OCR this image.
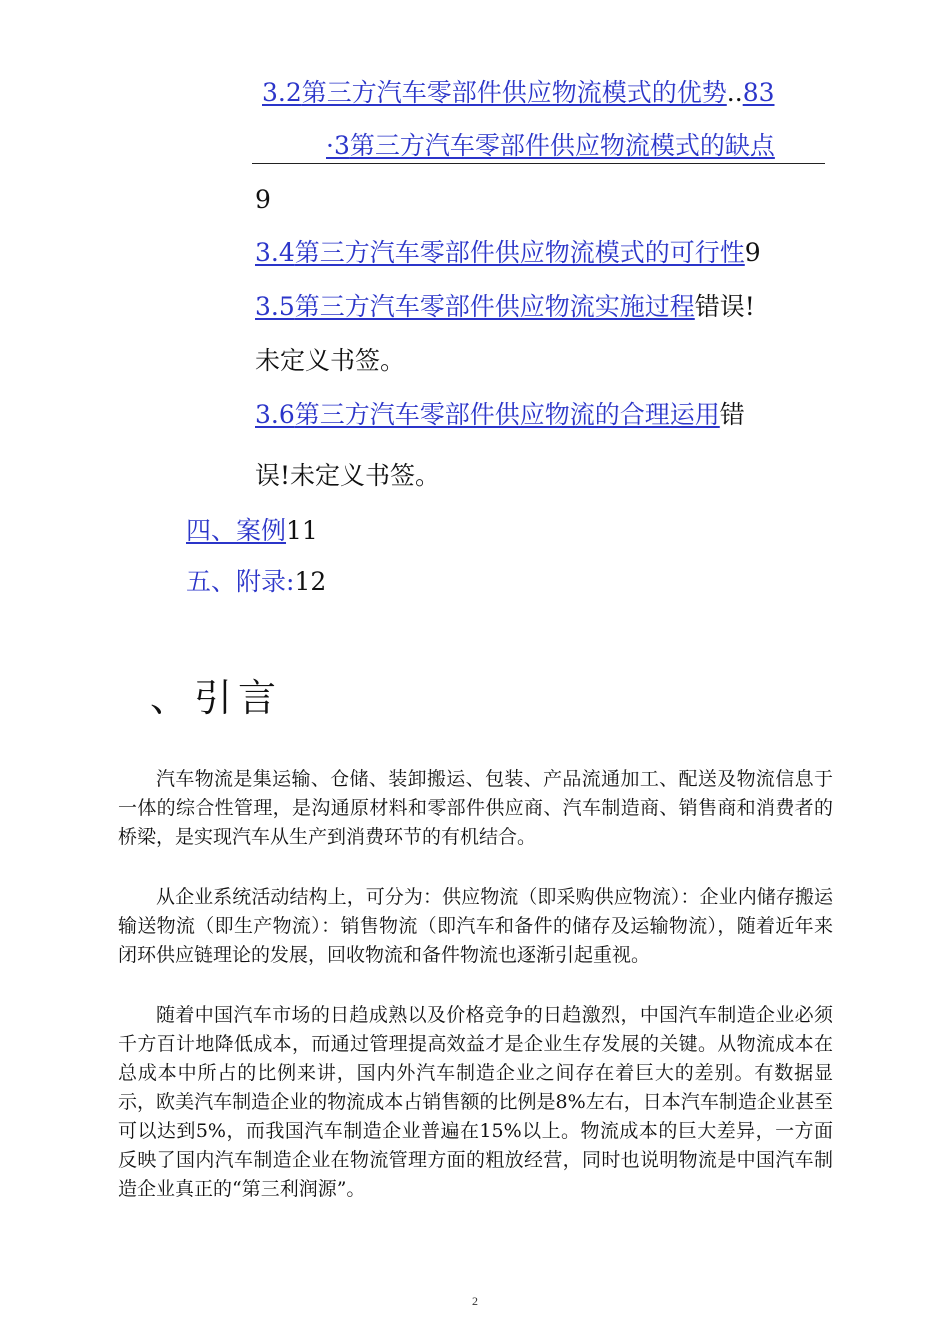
3.2第三方汽车零部件供应物流模式的优势..83
·3第三方汽车零部件供应物流模式的缺点
9
3.4第三方汽车零部件供应物流模式的可行性9
3.5第三方汽车零部件供应物流实施过程错误!
未定义书签。
3.6第三方汽车零部件供应物流的合理运用错
误!未定义书签。
四、案例11
五、附录:12
、引言

汽车物流是集运输、仓储、装卸搬运、包装、产品流通加工、配送及物流信息于一体的综合性管理，是沟通原材料和零部件供应商、汽车制造商、销售商和消费者的桥梁，是实现汽车从生产到消费环节的有机结合。

从企业系统活动结构上，可分为：供应物流（即采购供应物流）：企业内储存搬运输送物流（即生产物流）：销售物流（即汽车和备件的储存及运输物流），随着近年来闭环供应链理论的发展，回收物流和备件物流也逐渐引起重视。

随着中国汽车市场的日趋成熟以及价格竞争的日趋激烈，中国汽车制造企业必须千方百计地降低成本，而通过管理提高效益才是企业生存发展的关键。从物流成本在总成本中所占的比例来讲，国内外汽车制造企业之间存在着巨大的差别。有数据显示，欧美汽车制造企业的物流成本占销售额的比例是8%左右，日本汽车制造企业甚至可以达到5%，而我国汽车制造企业普遍在15%以上。物流成本的巨大差异，一方面反映了国内汽车制造企业在物流管理方面的粗放经营，同时也说明物流是中国汽车制造企业真正的“第三利润源”。

2
